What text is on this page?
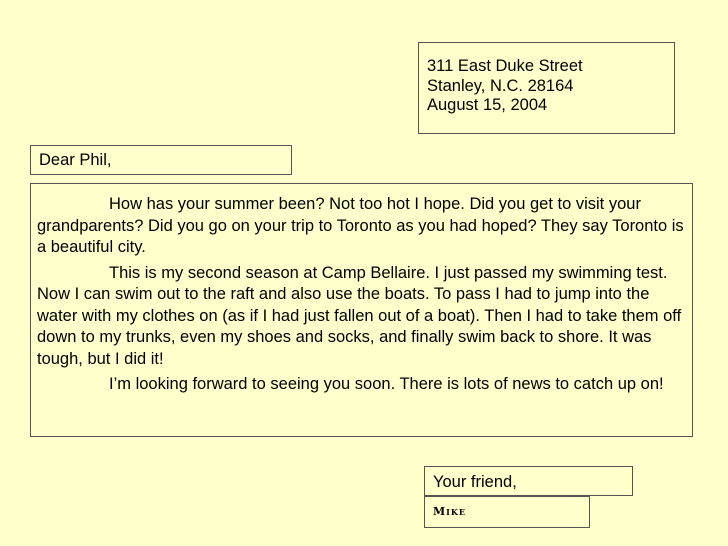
311 East Duke Street
Stanley, N.C. 28164
August 15, 2004
Dear Phil,

How has your summer been? Not too hot I hope. Did you get to visit your grandparents? Did you go on your trip to Toronto as you had hoped? They say Toronto is a beautiful city.

This is my second season at Camp Bellaire. I just passed my swimming test. Now I can swim out to the raft and also use the boats. To pass I had to jump into the water with my clothes on (as if I had just fallen out of a boat). Then I had to take them off down to my trunks, even my shoes and socks, and finally swim back to shore. It was tough, but I did it!

I’m looking forward to seeing you soon. There is lots of news to catch up on!

Your friend,
Mike
